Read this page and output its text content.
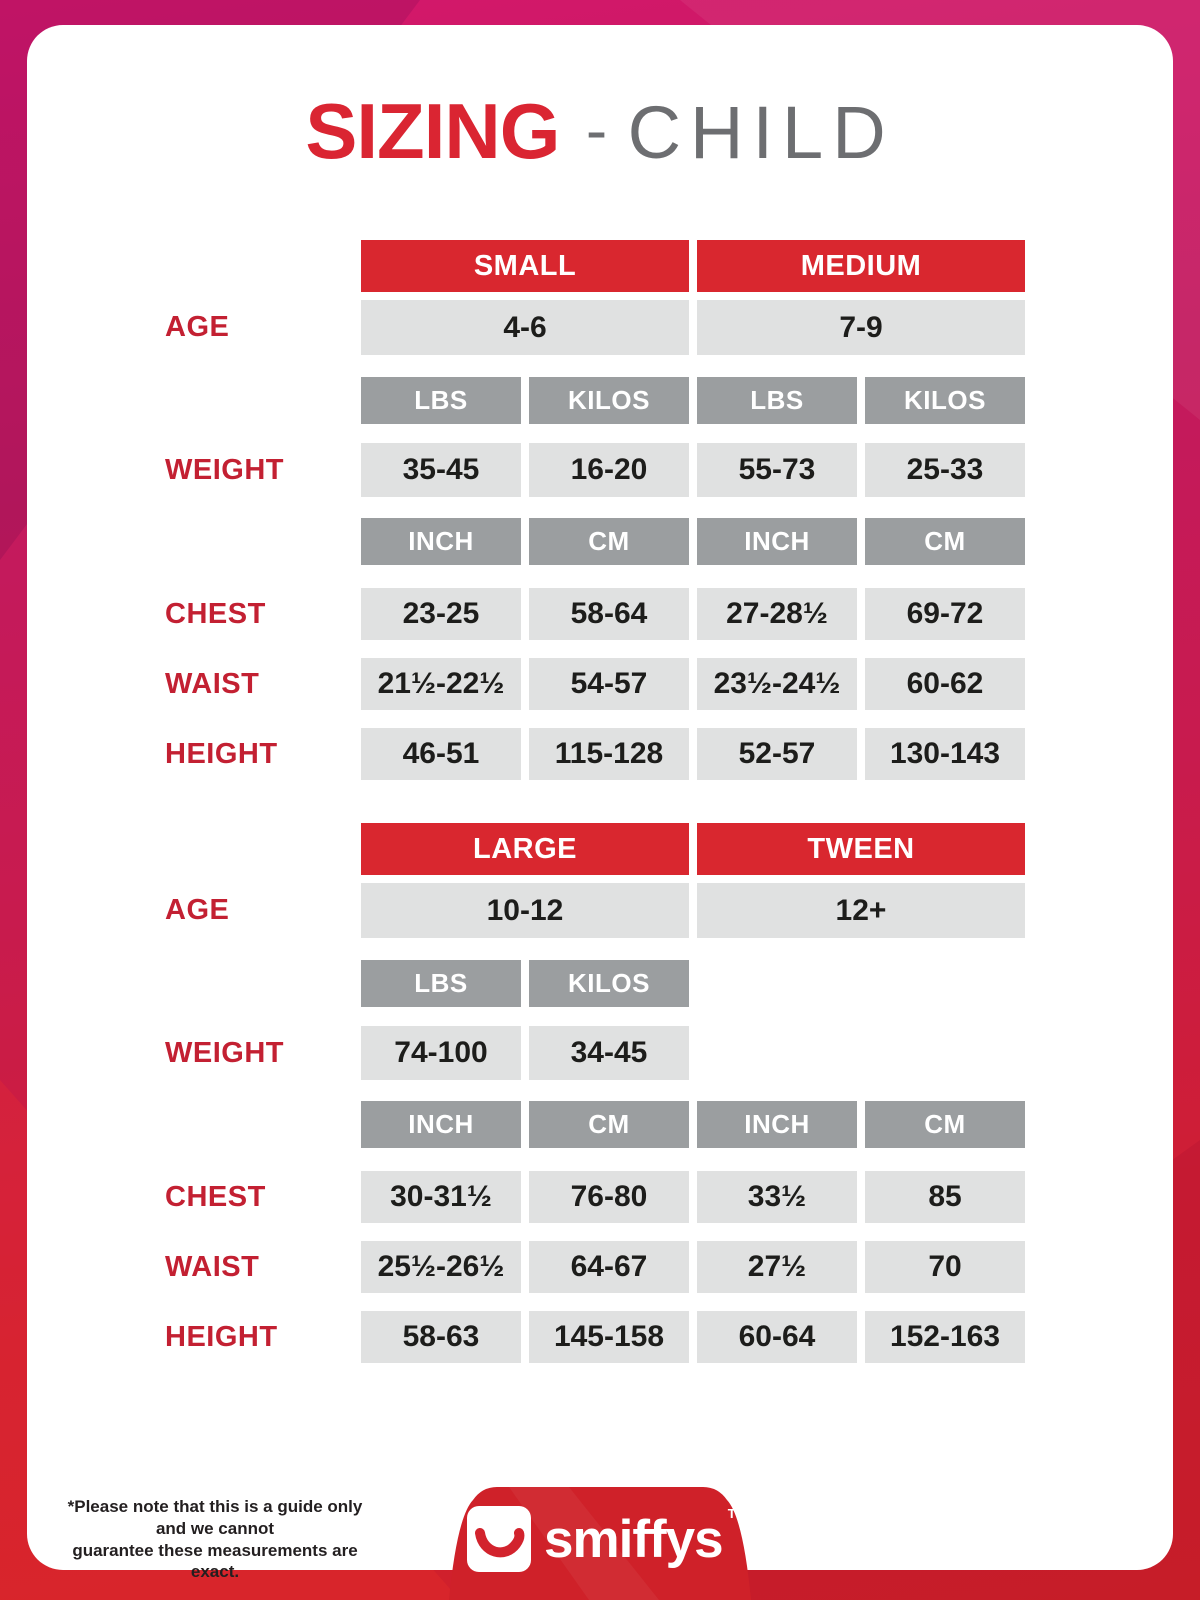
SIZING - CHILD
SMALL	MEDIUM
AGE	4-6	7-9
LBS	KILOS	LBS	KILOS
WEIGHT	35-45	16-20	55-73	25-33
INCH	CM	INCH	CM
CHEST	23-25	58-64	27-28½	69-72
WAIST	21½-22½	54-57	23½-24½	60-62
HEIGHT	46-51	115-128	52-57	130-143
LARGE	TWEEN
AGE	10-12	12+
LBS	KILOS
WEIGHT	74-100	34-45
INCH	CM	INCH	CM
CHEST	30-31½	76-80	33½	85
WAIST	25½-26½	64-67	27½	70
HEIGHT	58-63	145-158	60-64	152-163
*Please note that this is a guide only and we cannot
guarantee these measurements are exact.
smiffys TM
